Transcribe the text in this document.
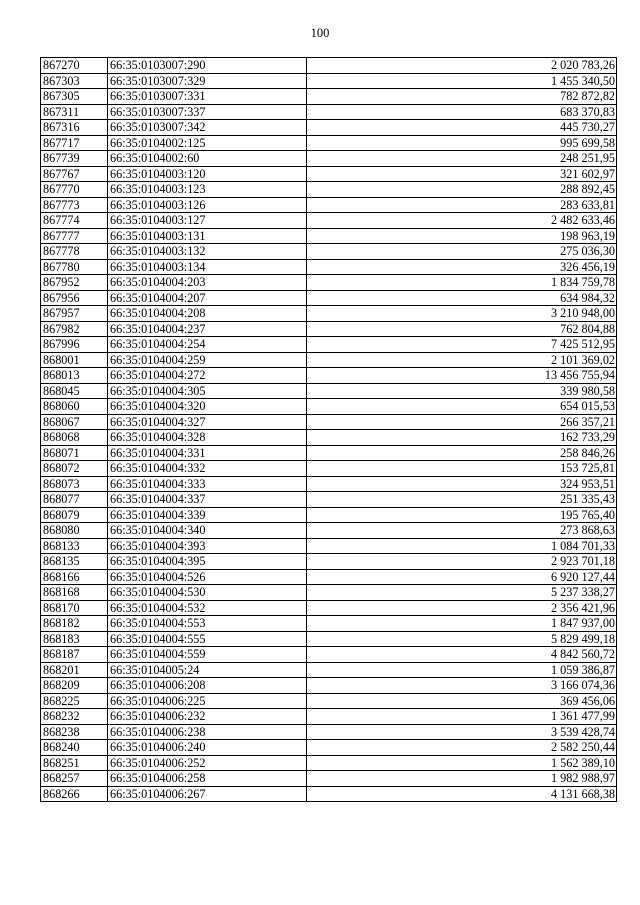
100
867270	66:35:0103007:290	2 020 783,26
867303	66:35:0103007:329	1 455 340,50
867305	66:35:0103007:331	782 872,82
867311	66:35:0103007:337	683 370,83
867316	66:35:0103007:342	445 730,27
867717	66:35:0104002:125	995 699,58
867739	66:35:0104002:60	248 251,95
867767	66:35:0104003:120	321 602,97
867770	66:35:0104003:123	288 892,45
867773	66:35:0104003:126	283 633,81
867774	66:35:0104003:127	2 482 633,46
867777	66:35:0104003:131	198 963,19
867778	66:35:0104003:132	275 036,30
867780	66:35:0104003:134	326 456,19
867952	66:35:0104004:203	1 834 759,78
867956	66:35:0104004:207	634 984,32
867957	66:35:0104004:208	3 210 948,00
867982	66:35:0104004:237	762 804,88
867996	66:35:0104004:254	7 425 512,95
868001	66:35:0104004:259	2 101 369,02
868013	66:35:0104004:272	13 456 755,94
868045	66:35:0104004:305	339 980,58
868060	66:35:0104004:320	654 015,53
868067	66:35:0104004:327	266 357,21
868068	66:35:0104004:328	162 733,29
868071	66:35:0104004:331	258 846,26
868072	66:35:0104004:332	153 725,81
868073	66:35:0104004:333	324 953,51
868077	66:35:0104004:337	251 335,43
868079	66:35:0104004:339	195 765,40
868080	66:35:0104004:340	273 868,63
868133	66:35:0104004:393	1 084 701,33
868135	66:35:0104004:395	2 923 701,18
868166	66:35:0104004:526	6 920 127,44
868168	66:35:0104004:530	5 237 338,27
868170	66:35:0104004:532	2 356 421,96
868182	66:35:0104004:553	1 847 937,00
868183	66:35:0104004:555	5 829 499,18
868187	66:35:0104004:559	4 842 560,72
868201	66:35:0104005:24	1 059 386,87
868209	66:35:0104006:208	3 166 074,36
868225	66:35:0104006:225	369 456,06
868232	66:35:0104006:232	1 361 477,99
868238	66:35:0104006:238	3 539 428,74
868240	66:35:0104006:240	2 582 250,44
868251	66:35:0104006:252	1 562 389,10
868257	66:35:0104006:258	1 982 988,97
868266	66:35:0104006:267	4 131 668,38
